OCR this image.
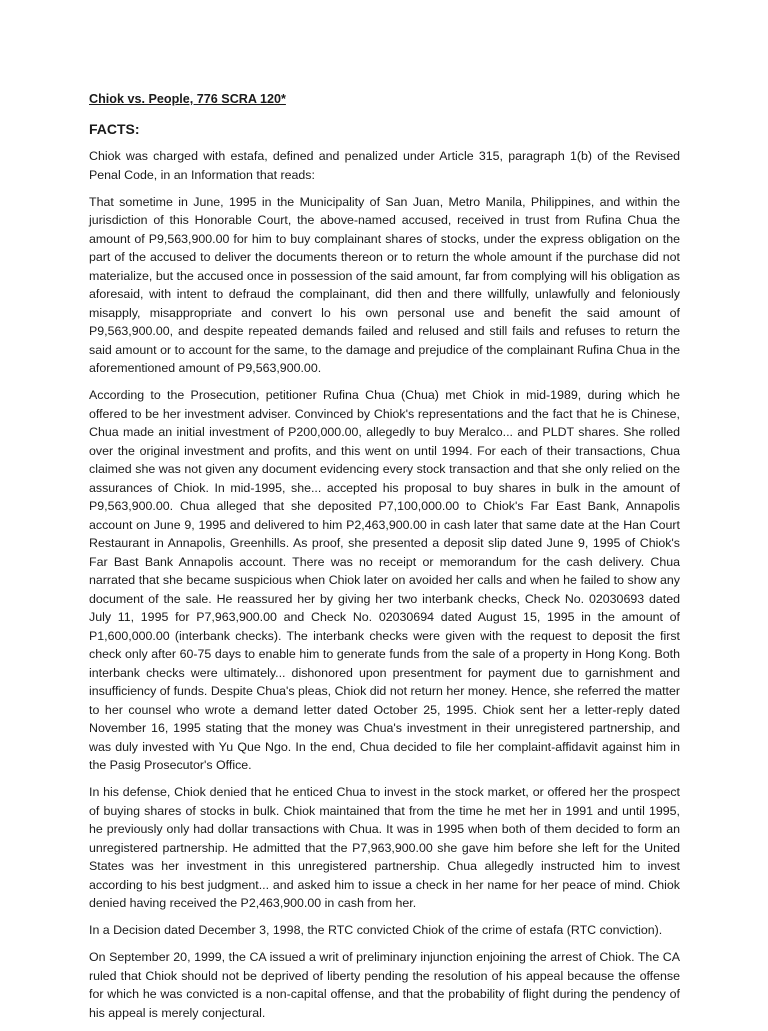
Chiok vs. People, 776 SCRA 120*
FACTS:

Chiok was charged with estafa, defined and penalized under Article 315, paragraph 1(b) of the Revised Penal Code, in an Information that reads:

That sometime in June, 1995 in the Municipality of San Juan, Metro Manila, Philippines, and within the jurisdiction of this Honorable Court, the above-named accused, received in trust from Rufina Chua the amount of P9,563,900.00 for him to buy complainant shares of stocks, under the express obligation on the part of the accused to deliver the documents thereon or to return the whole amount if the purchase did not materialize, but the accused once in possession of the said amount, far from complying will his obligation as aforesaid, with intent to defraud the complainant, did then and there willfully, unlawfully and feloniously misapply, misappropriate and convert lo his own personal use and benefit the said amount of P9,563,900.00, and despite repeated demands failed and relused and still fails and refuses to return the said amount or to account for the same, to the damage and prejudice of the complainant Rufina Chua in the aforementioned amount of P9,563,900.00.

According to the Prosecution, petitioner Rufina Chua (Chua) met Chiok in mid-1989, during which he offered to be her investment adviser. Convinced by Chiok's representations and the fact that he is Chinese, Chua made an initial investment of P200,000.00, allegedly to buy Meralco... and PLDT shares. She rolled over the original investment and profits, and this went on until 1994. For each of their transactions, Chua claimed she was not given any document evidencing every stock transaction and that she only relied on the assurances of Chiok. In mid-1995, she... accepted his proposal to buy shares in bulk in the amount of P9,563,900.00. Chua alleged that she deposited P7,100,000.00 to Chiok's Far East Bank, Annapolis account on June 9, 1995 and delivered to him P2,463,900.00 in cash later that same date at the Han Court Restaurant in Annapolis, Greenhills. As proof, she presented a deposit slip dated June 9, 1995 of Chiok's Far Bast Bank Annapolis account. There was no receipt or memorandum for the cash delivery. Chua narrated that she became suspicious when Chiok later on avoided her calls and when he failed to show any document of the sale. He reassured her by giving her two interbank checks, Check No. 02030693 dated July 11, 1995 for P7,963,900.00 and Check No. 02030694 dated August 15, 1995 in the amount of P1,600,000.00 (interbank checks). The interbank checks were given with the request to deposit the first check only after 60-75 days to enable him to generate funds from the sale of a property in Hong Kong. Both interbank checks were ultimately... dishonored upon presentment for payment due to garnishment and insufficiency of funds. Despite Chua's pleas, Chiok did not return her money. Hence, she referred the matter to her counsel who wrote a demand letter dated October 25, 1995. Chiok sent her a letter-reply dated November 16, 1995 stating that the money was Chua's investment in their unregistered partnership, and was duly invested with Yu Que Ngo. In the end, Chua decided to file her complaint-affidavit against him in the Pasig Prosecutor's Office.

In his defense, Chiok denied that he enticed Chua to invest in the stock market, or offered her the prospect of buying shares of stocks in bulk. Chiok maintained that from the time he met her in 1991 and until 1995, he previously only had dollar transactions with Chua. It was in 1995 when both of them decided to form an unregistered partnership. He admitted that the P7,963,900.00 she gave him before she left for the United States was her investment in this unregistered partnership. Chua allegedly instructed him to invest according to his best judgment... and asked him to issue a check in her name for her peace of mind. Chiok denied having received the P2,463,900.00 in cash from her.

In a Decision dated December 3, 1998, the RTC convicted Chiok of the crime of estafa (RTC conviction).

On September 20, 1999, the CA issued a writ of preliminary injunction enjoining the arrest of Chiok. The CA ruled that Chiok should not be deprived of liberty pending the resolution of his appeal because the offense for which he was convicted is a non-capital offense, and that the probability of flight during the pendency of his appeal is merely conjectural.
